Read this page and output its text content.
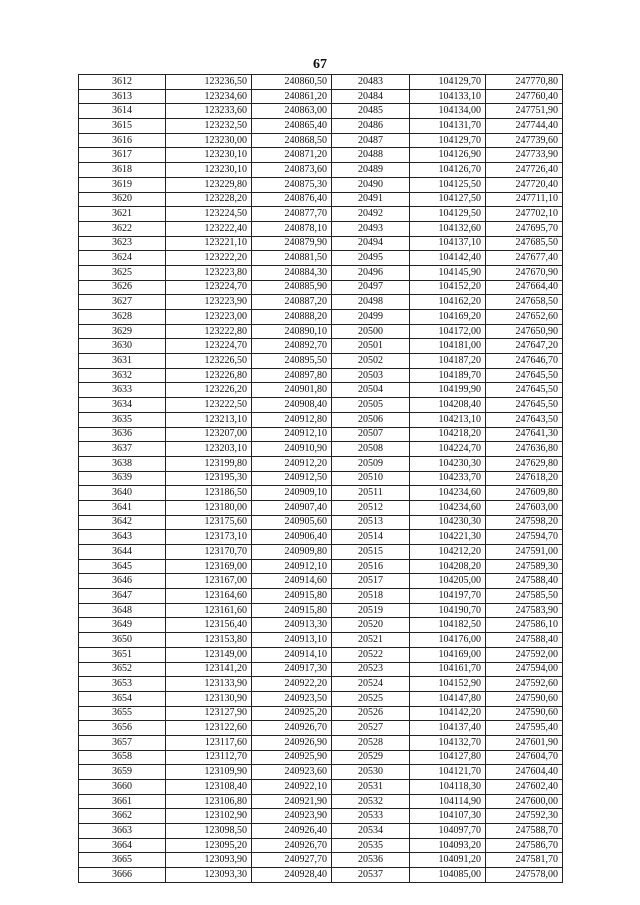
67
3612	123236,50	240860,50	20483	104129,70	247770,80
3613	123234,60	240861,20	20484	104133,10	247760,40
3614	123233,60	240863,00	20485	104134,00	247751,90
3615	123232,50	240865,40	20486	104131,70	247744,40
3616	123230,00	240868,50	20487	104129,70	247739,60
3617	123230,10	240871,20	20488	104126,90	247733,90
3618	123230,10	240873,60	20489	104126,70	247726,40
3619	123229,80	240875,30	20490	104125,50	247720,40
3620	123228,20	240876,40	20491	104127,50	247711,10
3621	123224,50	240877,70	20492	104129,50	247702,10
3622	123222,40	240878,10	20493	104132,60	247695,70
3623	123221,10	240879,90	20494	104137,10	247685,50
3624	123222,20	240881,50	20495	104142,40	247677,40
3625	123223,80	240884,30	20496	104145,90	247670,90
3626	123224,70	240885,90	20497	104152,20	247664,40
3627	123223,90	240887,20	20498	104162,20	247658,50
3628	123223,00	240888,20	20499	104169,20	247652,60
3629	123222,80	240890,10	20500	104172,00	247650,90
3630	123224,70	240892,70	20501	104181,00	247647,20
3631	123226,50	240895,50	20502	104187,20	247646,70
3632	123226,80	240897,80	20503	104189,70	247645,50
3633	123226,20	240901,80	20504	104199,90	247645,50
3634	123222,50	240908,40	20505	104208,40	247645,50
3635	123213,10	240912,80	20506	104213,10	247643,50
3636	123207,00	240912,10	20507	104218,20	247641,30
3637	123203,10	240910,90	20508	104224,70	247636,80
3638	123199,80	240912,20	20509	104230,30	247629,80
3639	123195,30	240912,50	20510	104233,70	247618,20
3640	123186,50	240909,10	20511	104234,60	247609,80
3641	123180,00	240907,40	20512	104234,60	247603,00
3642	123175,60	240905,60	20513	104230,30	247598,20
3643	123173,10	240906,40	20514	104221,30	247594,70
3644	123170,70	240909,80	20515	104212,20	247591,00
3645	123169,00	240912,10	20516	104208,20	247589,30
3646	123167,00	240914,60	20517	104205,00	247588,40
3647	123164,60	240915,80	20518	104197,70	247585,50
3648	123161,60	240915,80	20519	104190,70	247583,90
3649	123156,40	240913,30	20520	104182,50	247586,10
3650	123153,80	240913,10	20521	104176,00	247588,40
3651	123149,00	240914,10	20522	104169,00	247592,00
3652	123141,20	240917,30	20523	104161,70	247594,00
3653	123133,90	240922,20	20524	104152,90	247592,60
3654	123130,90	240923,50	20525	104147,80	247590,60
3655	123127,90	240925,20	20526	104142,20	247590,60
3656	123122,60	240926,70	20527	104137,40	247595,40
3657	123117,60	240926,90	20528	104132,70	247601,90
3658	123112,70	240925,90	20529	104127,80	247604,70
3659	123109,90	240923,60	20530	104121,70	247604,40
3660	123108,40	240922,10	20531	104118,30	247602,40
3661	123106,80	240921,90	20532	104114,90	247600,00
3662	123102,90	240923,90	20533	104107,30	247592,30
3663	123098,50	240926,40	20534	104097,70	247588,70
3664	123095,20	240926,70	20535	104093,20	247586,70
3665	123093,90	240927,70	20536	104091,20	247581,70
3666	123093,30	240928,40	20537	104085,00	247578,00
